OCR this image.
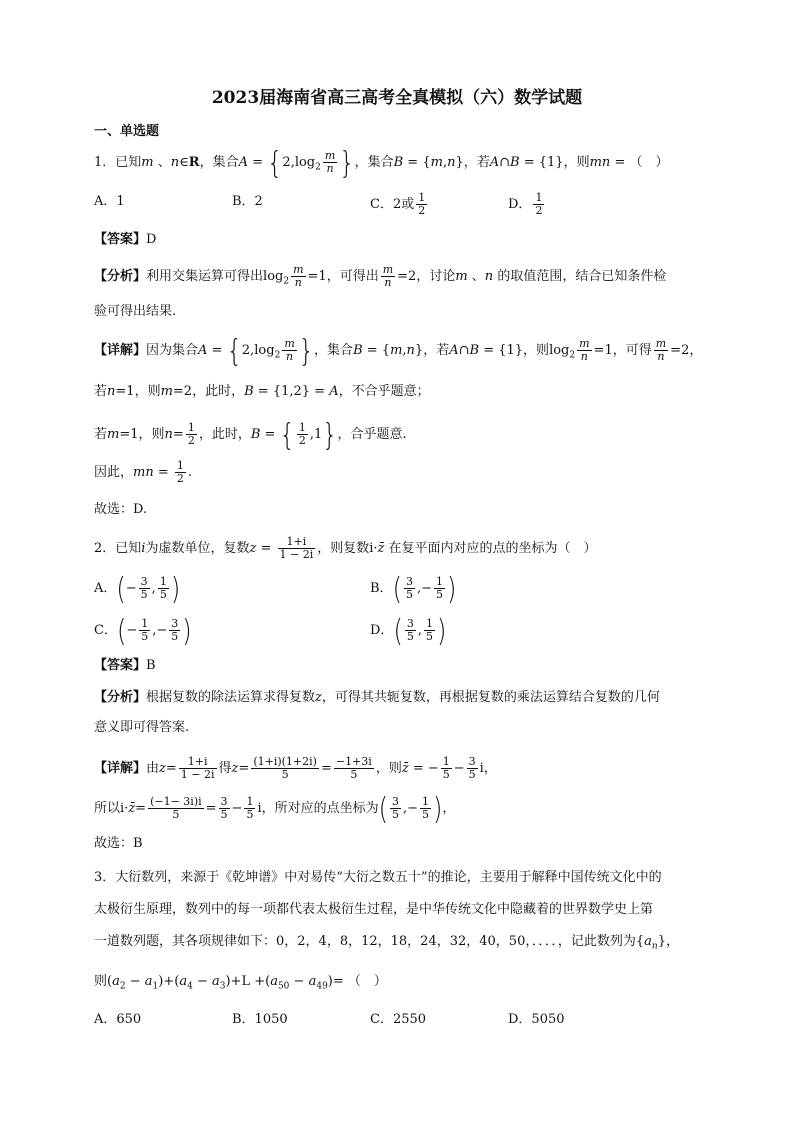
2023届海南省高三高考全真模拟（六）数学试题
一、单选题
1．已知m 、n∈R，集合$A = \{2,\log_2 \frac{m}{n}$ }，集合B = {m,n}，若A∩B = {1}，则mn = （　）
A．1	B．2	C．2或 $\frac{1}{2}$	D． $\frac{1}{2}$
【答案】D
【分析】利用交集运算可得出$\log_2 \frac{m}{n} =1$，可得出 $\frac{m}{n} =2$，讨论m 、n 的取值范围，结合已知条件检
验可得出结果.
【详解】因为集合$A = \{2,\log_2 \frac{m}{n}$ }，集合B = {m,n}，若A∩B = {1}，则$\log_2 \frac{m}{n} =1$，可得 $\frac{m}{n} =2$，
若n=1，则m=2，此时，B = {1,2} = A，不合乎题意；
若m=1，则$n= \frac{1}{2}$ ，此时，B = { $\frac{1}{2} ,1$}，合乎题意.
因此，mn = $\frac{1}{2}$ .
故选：D.
2．已知i为虚数单位，复数$z = \frac{1+i}{1 - 2i}$ ，则复数i·z̄ 在复平面内对应的点的坐标为（　）
A．(− $\frac{3}{5}$ , $\frac{1}{5}$ )	B．( $\frac{3}{5}$ ,− $\frac{1}{5}$ )
C．(− $\frac{1}{5}$ ,− $\frac{3}{5}$ )	D．( $\frac{3}{5}$ , $\frac{1}{5}$ )
【答案】B
【分析】根据复数的除法运算求得复数z，可得其共轭复数，再根据复数的乘法运算结合复数的几何
意义即可得答案.
【详解】由$z= \frac{1+i}{1 - 2i}$ 得$z= \frac{(1+i)(1+2i)}{5} = \frac{-1+3i}{5}$ ，则z̄ = − $\frac{1}{5} - \frac{3}{5}$ i，
所以i·z̄= $\frac{(-1- 3i)i}{5} = \frac{3}{5} - \frac{1}{5}$ i，所对应的点坐标为( $\frac{3}{5}$ ,− $\frac{1}{5}$ )，
故选：B
3．大衍数列，来源于《乾坤谱》中对易传“大衍之数五十”的推论，主要用于解释中国传统文化中的
太极衍生原理，数列中的每一项都代表太极衍生过程，是中华传统文化中隐藏着的世界数学史上第
一道数列题，其各项规律如下：0，2，4，8，12，18，24，32，40，50，．．．．，记此数列为$\{a_n\}$，
则$(a_2 - a_1)+(a_4 - a_3)+L +(a_{50} - a_{49})=$ （　）
A．650	B．1050	C．2550	D．5050
